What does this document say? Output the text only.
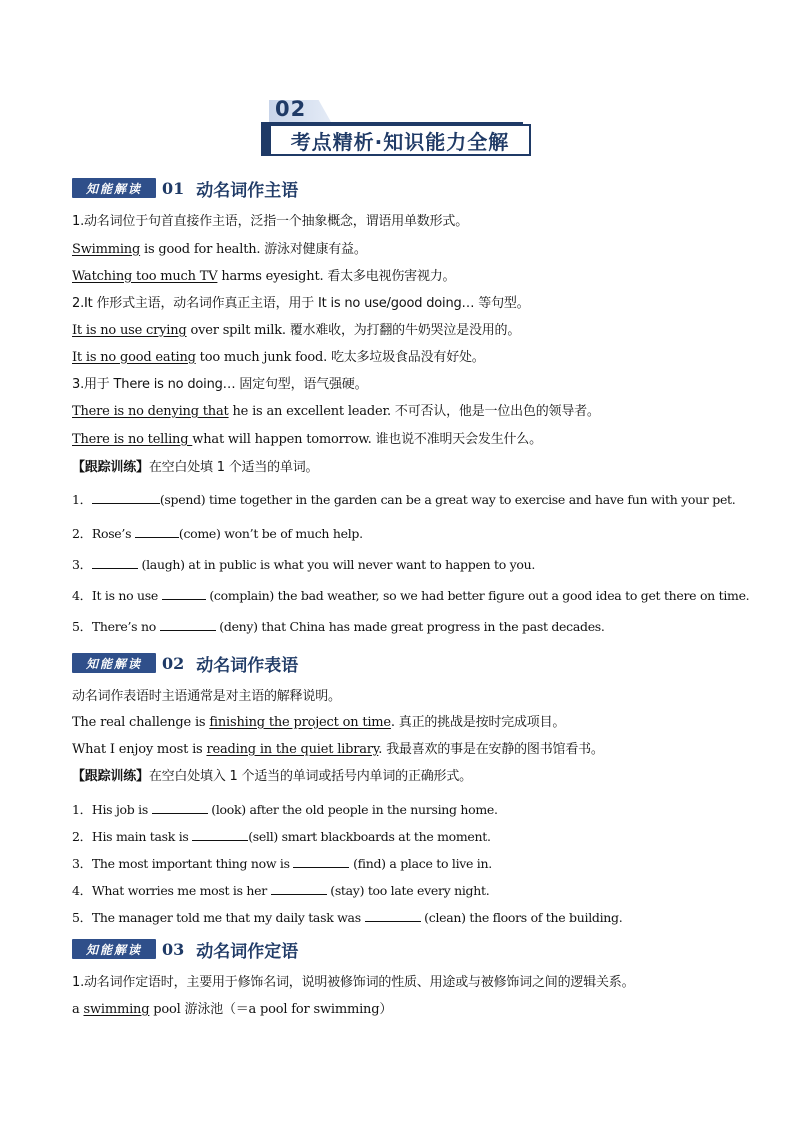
02
考点精析·知识能力全解
知能解读	01 动名词作主语
1.动名词位于句首直接作主语，泛指一个抽象概念，谓语用单数形式。
Swimming is good for health. 游泳对健康有益。
Watching too much TV harms eyesight. 看太多电视伤害视力。
2.It 作形式主语，动名词作真正主语，用于 It is no use/good doing… 等句型。
It is no use crying over spilt milk. 覆水难收，为打翻的牛奶哭泣是没用的。
It is no good eating too much junk food. 吃太多垃圾食品没有好处。
3.用于 There is no doing… 固定句型，语气强硬。
There is no denying that he is an excellent leader. 不可否认，他是一位出色的领导者。
There is no telling what will happen tomorrow. 谁也说不准明天会发生什么。
【跟踪训练】在空白处填 1 个适当的单词。
1．	(spend) time together in the garden can be a great way to exercise and have fun with your pet.
2．Rose’s	(come) won’t be of much help.
3．	(laugh) at in public is what you will never want to happen to you.
4．It is no use	(complain) the bad weather, so we had better figure out a good idea to get there on time.
5．There’s no	(deny) that China has made great progress in the past decades.
知能解读	02 动名词作表语
动名词作表语时主语通常是对主语的解释说明。
The real challenge is finishing the project on time. 真正的挑战是按时完成项目。
What I enjoy most is reading in the quiet library. 我最喜欢的事是在安静的图书馆看书。
【跟踪训练】在空白处填入 1 个适当的单词或括号内单词的正确形式。
1．His job is	(look) after the old people in the nursing home.
2．His main task is	(sell) smart blackboards at the moment.
3．The most important thing now is	(find) a place to live in.
4．What worries me most is her	(stay) too late every night.
5．The manager told me that my daily task was	(clean) the floors of the building.
知能解读	03 动名词作定语
1.动名词作定语时，主要用于修饰名词，说明被修饰词的性质、用途或与被修饰词之间的逻辑关系。
a swimming pool 游泳池（＝a pool for swimming）
